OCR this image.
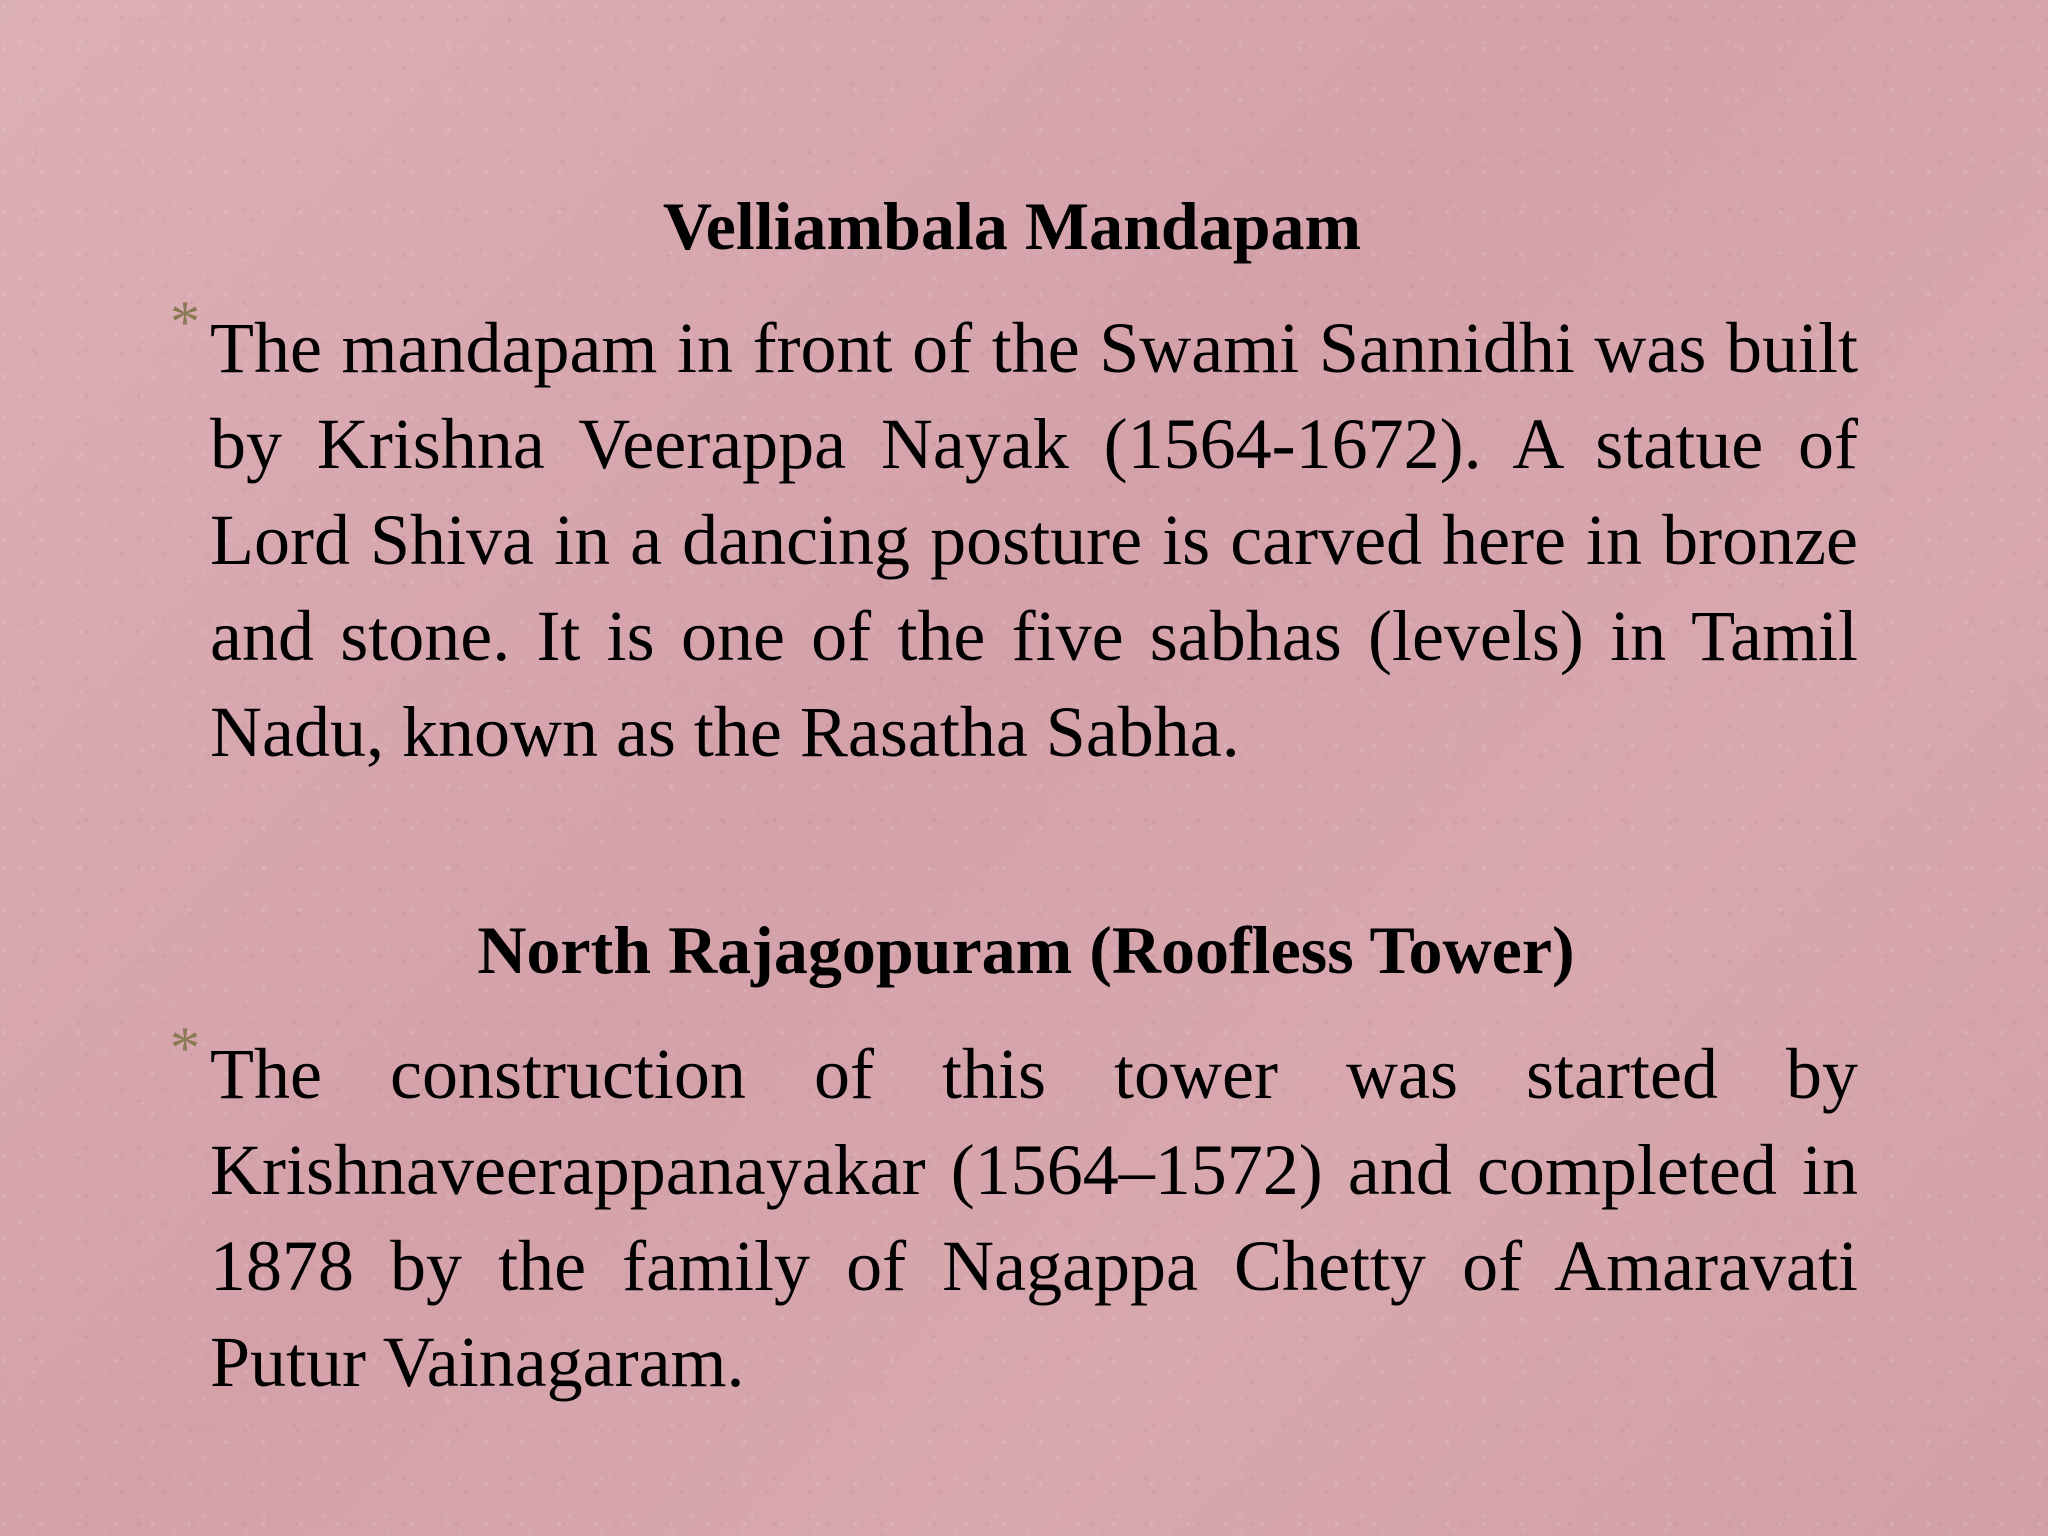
Velliambala Mandapam
* The mandapam in front of the Swami Sannidhi was built by Krishna Veerappa Nayak (1564-1672). A statue of Lord Shiva in a dancing posture is carved here in bronze and stone. It is one of the five sabhas (levels) in Tamil Nadu, known as the Rasatha Sabha.

North Rajagopuram (Roofless Tower)
* The construction of this tower was started by Krishnaveerappanayakar (1564–1572) and completed in 1878 by the family of Nagappa Chetty of Amaravati Putur Vainagaram.
